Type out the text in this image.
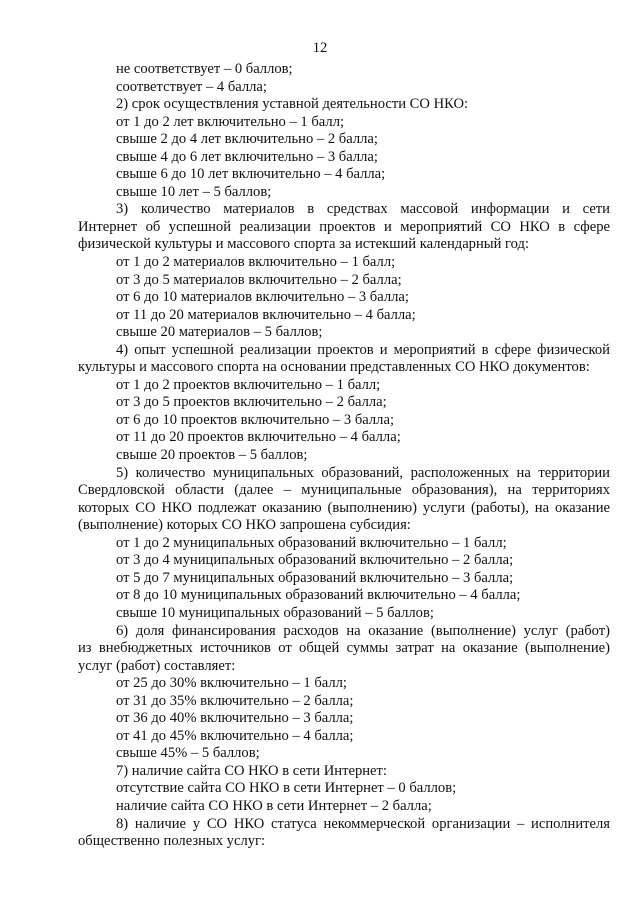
12
не соответствует – 0 баллов;
соответствует – 4 балла;
2) срок осуществления уставной деятельности СО НКО:
от 1 до 2 лет включительно – 1 балл;
свыше 2 до 4 лет включительно – 2 балла;
свыше 4 до 6 лет включительно – 3 балла;
свыше 6 до 10 лет включительно – 4 балла;
свыше 10 лет – 5 баллов;
3) количество материалов в средствах массовой информации и сети
Интернет об успешной реализации проектов и мероприятий СО НКО в сфере
физической культуры и массового спорта за истекший календарный год:
от 1 до 2 материалов включительно – 1 балл;
от 3 до 5 материалов включительно – 2 балла;
от 6 до 10 материалов включительно – 3 балла;
от 11 до 20 материалов включительно – 4 балла;
свыше 20 материалов – 5 баллов;
4) опыт успешной реализации проектов и мероприятий в сфере физической
культуры и массового спорта на основании представленных СО НКО документов:
от 1 до 2 проектов включительно – 1 балл;
от 3 до 5 проектов включительно – 2 балла;
от 6 до 10 проектов включительно – 3 балла;
от 11 до 20 проектов включительно – 4 балла;
свыше 20 проектов – 5 баллов;
5) количество муниципальных образований, расположенных на территории
Свердловской области (далее – муниципальные образования), на территориях
которых СО НКО подлежат оказанию (выполнению) услуги (работы), на оказание
(выполнение) которых СО НКО запрошена субсидия:
от 1 до 2 муниципальных образований включительно – 1 балл;
от 3 до 4 муниципальных образований включительно – 2 балла;
от 5 до 7 муниципальных образований включительно – 3 балла;
от 8 до 10 муниципальных образований включительно – 4 балла;
свыше 10 муниципальных образований – 5 баллов;
6) доля финансирования расходов на оказание (выполнение) услуг (работ)
из внебюджетных источников от общей суммы затрат на оказание (выполнение)
услуг (работ) составляет:
от 25 до 30% включительно – 1 балл;
от 31 до 35% включительно – 2 балла;
от 36 до 40% включительно – 3 балла;
от 41 до 45% включительно – 4 балла;
свыше 45% – 5 баллов;
7) наличие сайта СО НКО в сети Интернет:
отсутствие сайта СО НКО в сети Интернет – 0 баллов;
наличие сайта СО НКО в сети Интернет – 2 балла;
8) наличие у СО НКО статуса некоммерческой организации – исполнителя
общественно полезных услуг:
